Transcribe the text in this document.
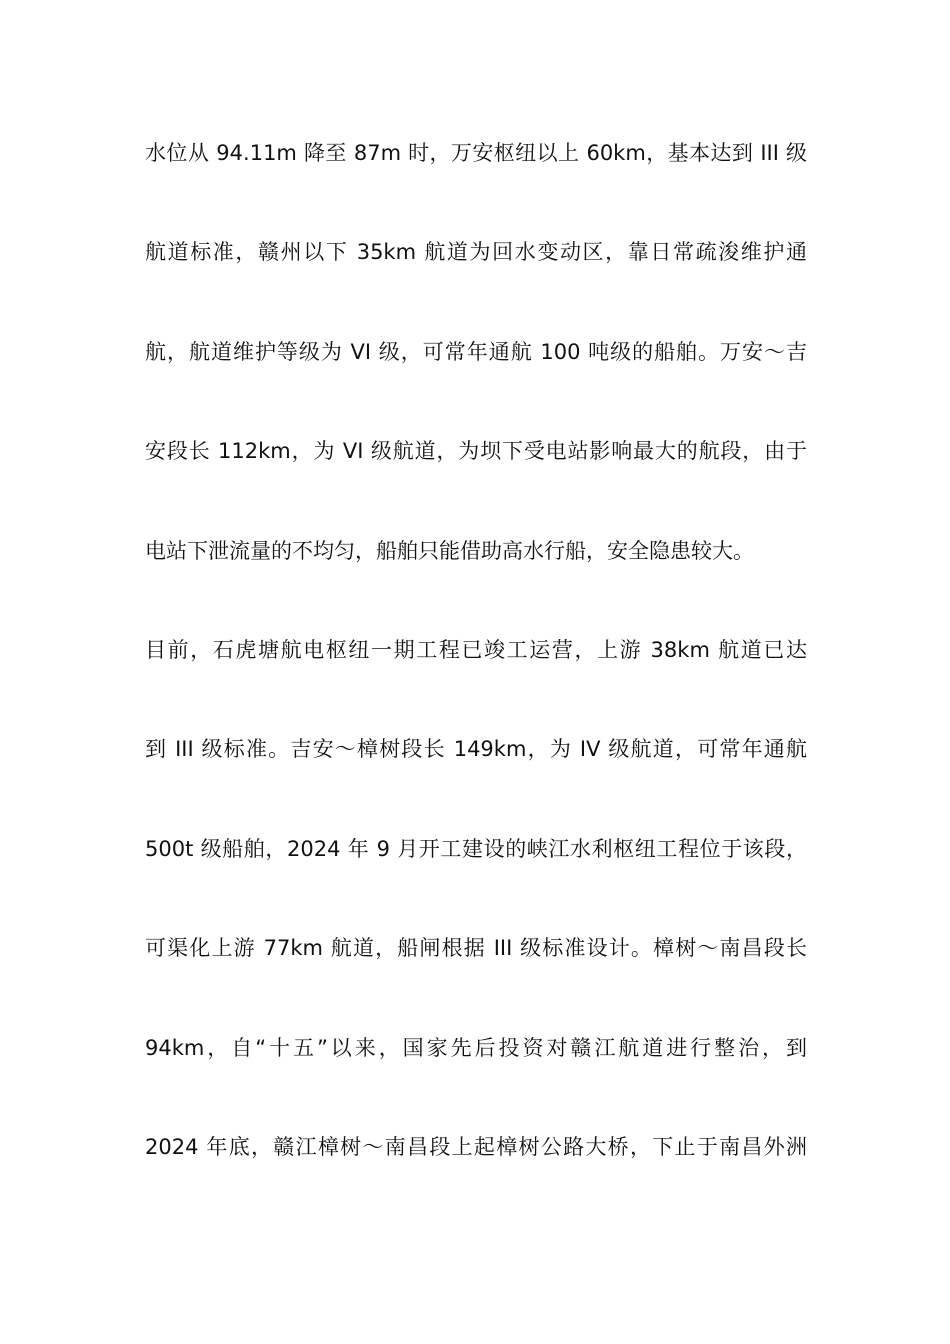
水位从 94.11m 降至 87m 时，万安枢纽以上 60km，基本达到 III 级
航道标准，赣州以下 35km 航道为回水变动区，靠日常疏浚维护通
航，航道维护等级为 VI 级，可常年通航 100 吨级的船舶。万安～吉
安段长 112km，为 VI 级航道，为坝下受电站影响最大的航段，由于
电站下泄流量的不均匀，船舶只能借助高水行船，安全隐患较大。
目前，石虎塘航电枢纽一期工程已竣工运营，上游 38km 航道已达
到 III 级标准。吉安～樟树段长 149km，为 IV 级航道，可常年通航
500t 级船舶，2024 年 9 月开工建设的峡江水利枢纽工程位于该段，
可渠化上游 77km 航道，船闸根据 III 级标准设计。樟树～南昌段长
94km，自“十五”以来，国家先后投资对赣江航道进行整治，到
2024 年底，赣江樟树～南昌段上起樟树公路大桥，下止于南昌外洲
